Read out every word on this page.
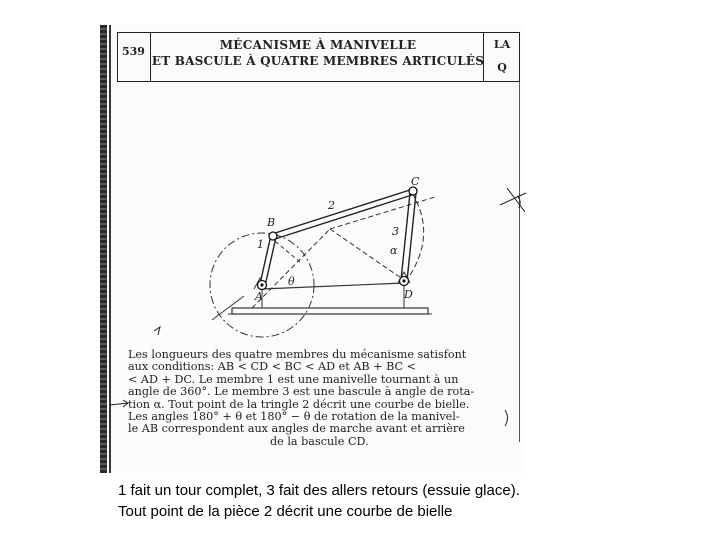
539	MÉCANISME À MANIVELLE
ET BASCULE À QUATRE MEMBRES ARTICULÉS
LA
Q
A
B
C
D
1
2
3
θ
α
Les longueurs des quatre membres du mécanisme satisfont
aux conditions: AB < CD < BC < AD et AB + BC <
< AD + DC. Le membre 1 est une manivelle tournant à un
angle de 360°. Le membre 3 est une bascule à angle de rota-
tion α. Tout point de la tringle 2 décrit une courbe de bielle.
Les angles 180° + θ et 180° − θ de rotation de la manivel-
le AB correspondent aux angles de marche avant et arrière
de la bascule CD.
1 fait un tour complet, 3 fait des allers retours (essuie glace).
Tout point de la pièce 2 décrit une courbe de bielle
